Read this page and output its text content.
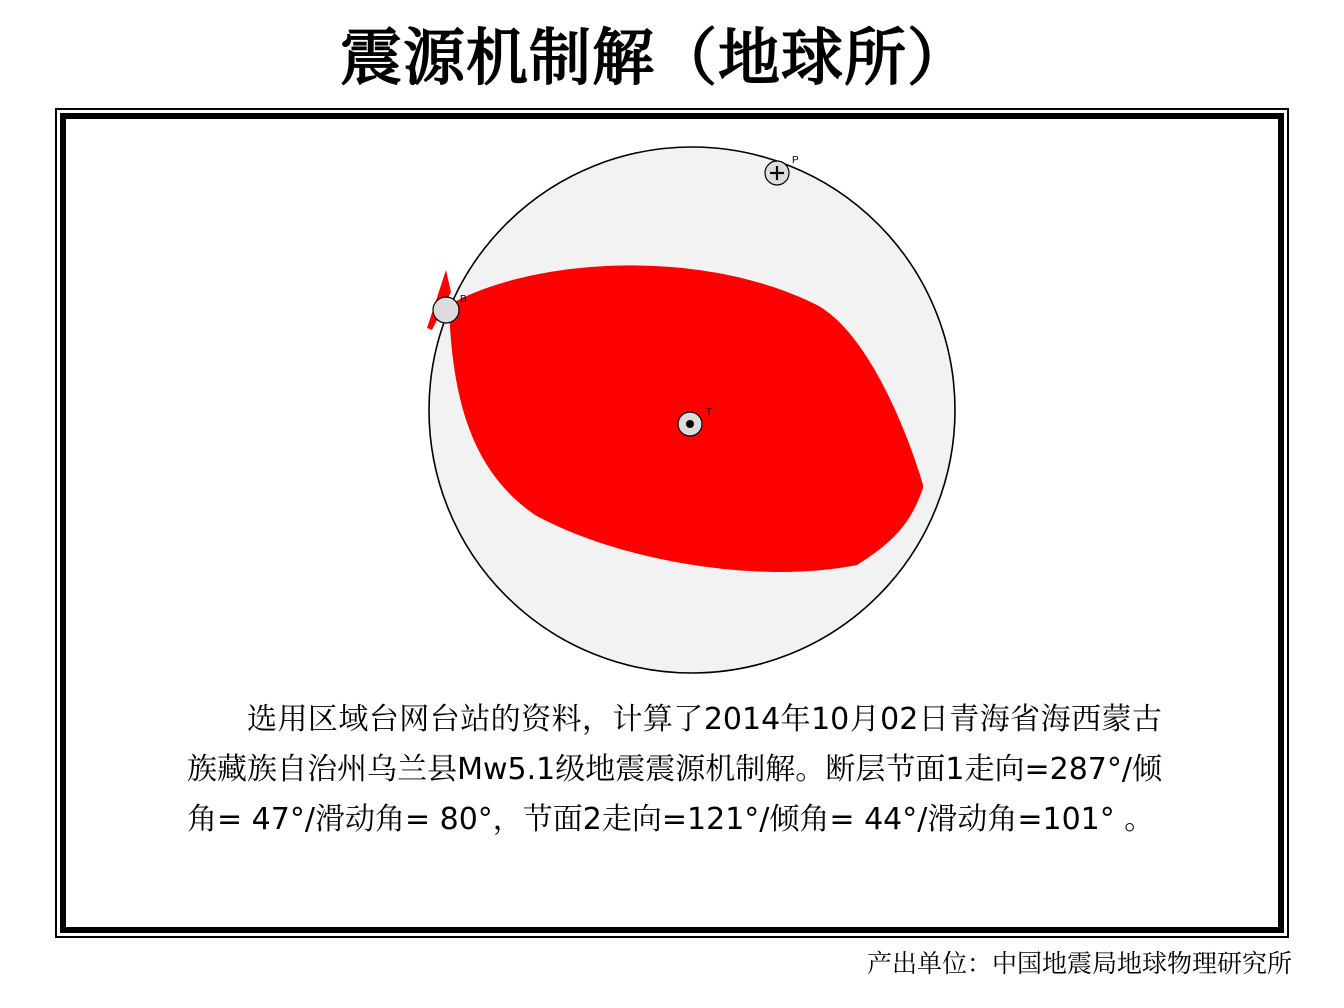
震源机制解（地球所）
P
T
B

选用区域台网台站的资料，计算了2014年10月02日青海省海西蒙古族藏族自治州乌兰县Mw5.1级地震震源机制解。断层节面1走向=287°/倾角= 47°/滑动角= 80°，节面2走向=121°/倾角= 44°/滑动角=101° 。

产出单位：中国地震局地球物理研究所
